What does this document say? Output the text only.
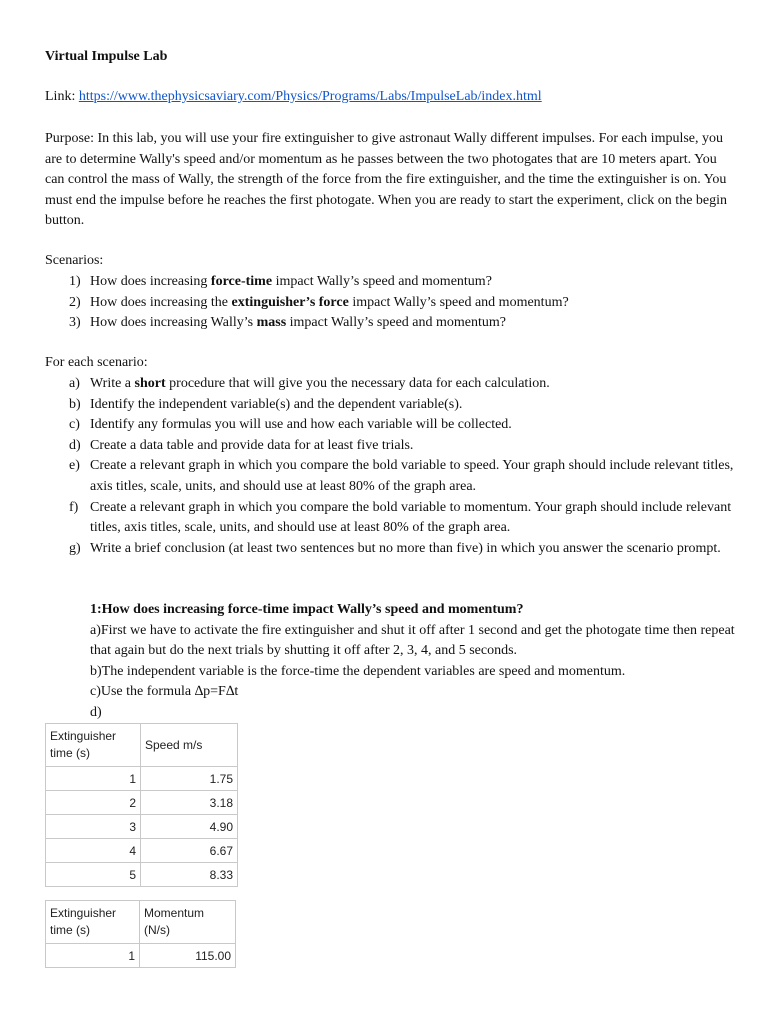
Virtual Impulse Lab
Link: https://www.thephysicsaviary.com/Physics/Programs/Labs/ImpulseLab/index.html
Purpose: In this lab, you will use your fire extinguisher to give astronaut Wally different impulses. For each impulse, you are to determine Wally's speed and/or momentum as he passes between the two photogates that are 10 meters apart. You can control the mass of Wally, the strength of the force from the fire extinguisher, and the time the extinguisher is on. You must end the impulse before he reaches the first photogate. When you are ready to start the experiment, click on the begin button.
Scenarios:
1) How does increasing force-time impact Wally’s speed and momentum?
2) How does increasing the extinguisher’s force impact Wally’s speed and momentum?
3) How does increasing Wally’s mass impact Wally’s speed and momentum?
For each scenario:
a) Write a short procedure that will give you the necessary data for each calculation.
b) Identify the independent variable(s) and the dependent variable(s).
c) Identify any formulas you will use and how each variable will be collected.
d) Create a data table and provide data for at least five trials.
e) Create a relevant graph in which you compare the bold variable to speed. Your graph should include relevant titles, axis titles, scale, units, and should use at least 80% of the graph area.
f) Create a relevant graph in which you compare the bold variable to momentum. Your graph should include relevant titles, axis titles, scale, units, and should use at least 80% of the graph area.
g) Write a brief conclusion (at least two sentences but no more than five) in which you answer the scenario prompt.
1:How does increasing force-time impact Wally’s speed and momentum?
a)First we have to activate the fire extinguisher and shut it off after 1 second and get the photogate time then repeat that again but do the next trials by shutting it off after 2, 3, 4, and 5 seconds.
b)The independent variable is the force-time the dependent variables are speed and momentum.
c)Use the formula ∆p=F∆t
d)
Extinguisher time (s)	Speed m/s
1	1.75
2	3.18
3	4.90
4	6.67
5	8.33
Extinguisher time (s)	Momentum (N/s)
1	115.00
